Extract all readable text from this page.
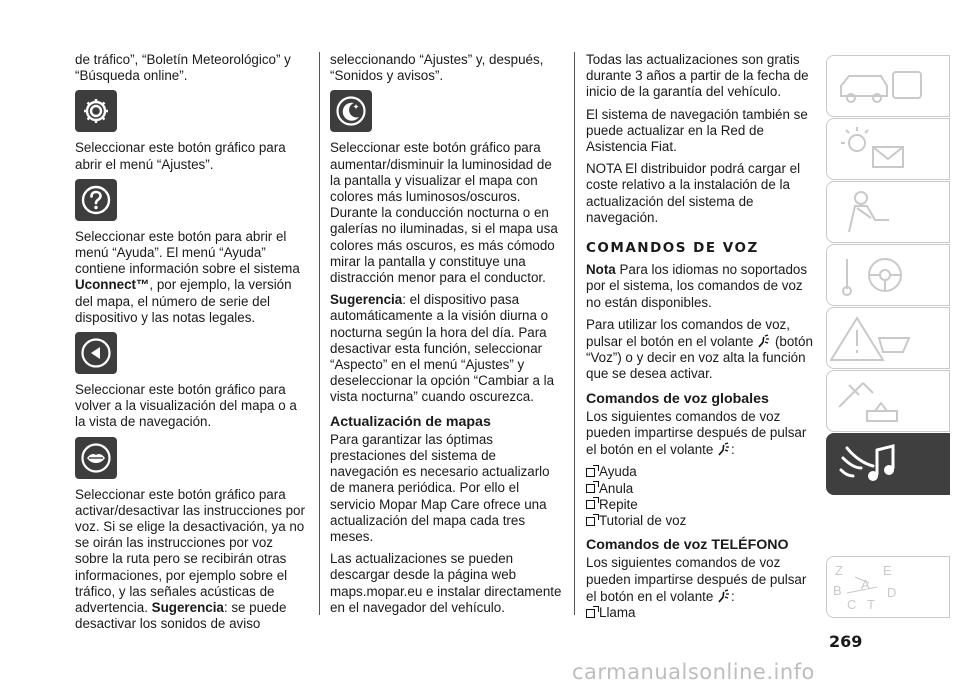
de tráfico”, “Boletín Meteorológico” y “Búsqueda online”.

Seleccionar este botón gráfico para abrir el menú “Ajustes”.

Seleccionar este botón para abrir el menú “Ayuda”. El menú “Ayuda” contiene información sobre el sistema Uconnect™, por ejemplo, la versión del mapa, el número de serie del dispositivo y las notas legales.

Seleccionar este botón gráfico para volver a la visualización del mapa o a la vista de navegación.

Seleccionar este botón gráfico para activar/desactivar las instrucciones por voz. Si se elige la desactivación, ya no se oirán las instrucciones por voz sobre la ruta pero se recibirán otras informaciones, por ejemplo sobre el tráfico, y las señales acústicas de advertencia. Sugerencia: se puede desactivar los sonidos de aviso

seleccionando “Ajustes” y, después, “Sonidos y avisos”.

Seleccionar este botón gráfico para aumentar/disminuir la luminosidad de la pantalla y visualizar el mapa con colores más luminosos/oscuros. Durante la conducción nocturna o en galerías no iluminadas, si el mapa usa colores más oscuros, es más cómodo mirar la pantalla y constituye una distracción menor para el conductor.

Sugerencia: el dispositivo pasa automáticamente a la visión diurna o nocturna según la hora del día. Para desactivar esta función, seleccionar “Aspecto” en el menú “Ajustes” y deseleccionar la opción “Cambiar a la vista nocturna” cuando oscurezca.

Actualización de mapas

Para garantizar las óptimas prestaciones del sistema de navegación es necesario actualizarlo de manera periódica. Por ello el servicio Mopar Map Care ofrece una actualización del mapa cada tres meses.

Las actualizaciones se pueden descargar desde la página web maps.mopar.eu e instalar directamente en el navegador del vehículo.

Todas las actualizaciones son gratis durante 3 años a partir de la fecha de inicio de la garantía del vehículo.

El sistema de navegación también se puede actualizar en la Red de Asistencia Fiat.

NOTA El distribuidor podrá cargar el coste relativo a la instalación de la actualización del sistema de navegación.

COMANDOS DE VOZ

Nota Para los idiomas no soportados por el sistema, los comandos de voz no están disponibles.

Para utilizar los comandos de voz, pulsar el botón en el volante  (botón “Voz”) o y decir en voz alta la función que se desea activar.

Comandos de voz globales

Los siguientes comandos de voz pueden impartirse después de pulsar el botón en el volante :

Ayuda
Anula
Repite
Tutorial de voz
Comandos de voz TELÉFONO

Los siguientes comandos de voz pueden impartirse después de pulsar el botón en el volante :

Llama
Z	E
A
B
C T
D
269
carmanualsonline.info
